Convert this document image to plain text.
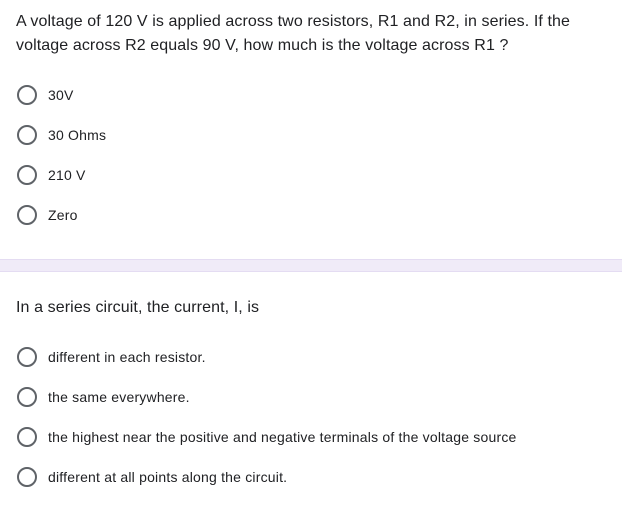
A voltage of 120 V is applied across two resistors, R1 and R2, in series. If the voltage across R2 equals 90 V, how much is the voltage across R1 ?
30V
30 Ohms
210 V
Zero
In a series circuit, the current, I, is
different in each resistor.
the same everywhere.
the highest near the positive and negative terminals of the voltage source
different at all points along the circuit.
